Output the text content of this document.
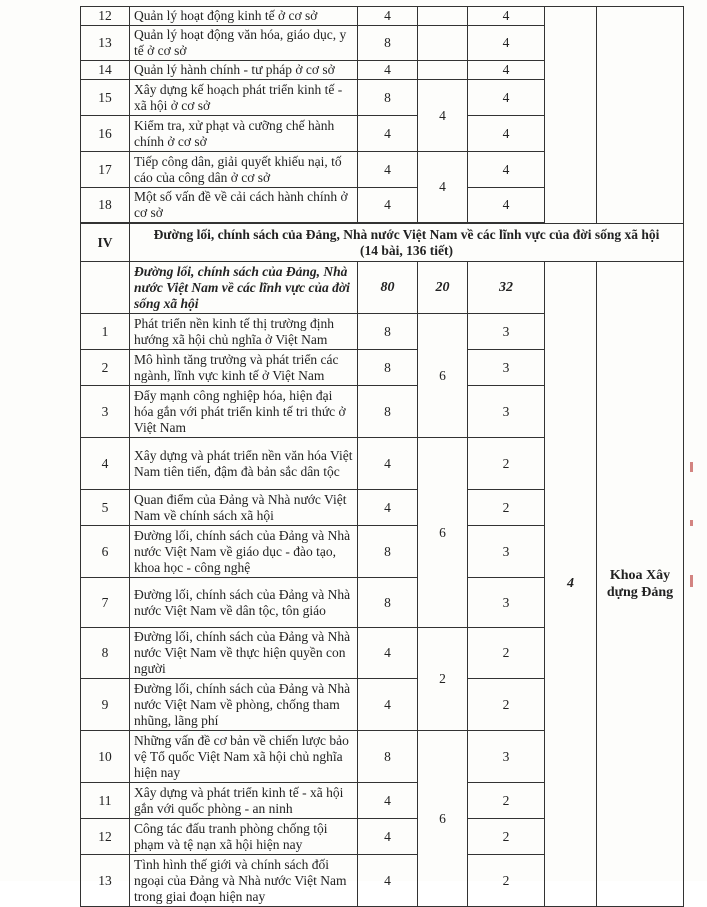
12	Quản lý hoạt động kinh tế ở cơ sở	4		4		
13	Quản lý hoạt động văn hóa, giáo dục, y tế ở cơ sở	8		4		
14	Quản lý hành chính - tư pháp ở cơ sở	4		4		
15	Xây dựng kế hoạch phát triển kinh tế - xã hội ở cơ sở	8	4	4		
16	Kiểm tra, xử phạt và cưỡng chế hành chính ở cơ sở	4		4		
17	Tiếp công dân, giải quyết khiếu nại, tố cáo của công dân ở cơ sở	4	4	4		
18	Một số vấn đề về cải cách hành chính ở cơ sở	4		4		

IV	Đường lối, chính sách của Đảng, Nhà nước Việt Nam về các lĩnh vực của đời sống xã hội
(14 bài, 136 tiết)					
	Đường lối, chính sách của Đảng, Nhà nước Việt Nam về các lĩnh vực của đời sống xã hội	80	20	32	4	Khoa Xây dựng Đảng
1	Phát triển nền kinh tế thị trường định hướng xã hội chủ nghĩa ở Việt Nam	8	6	3		
2	Mô hình tăng trưởng và phát triển các ngành, lĩnh vực kinh tế ở Việt Nam	8		3		
3	Đẩy mạnh công nghiệp hóa, hiện đại hóa gắn với phát triển kinh tế tri thức ở Việt Nam	8		3		
4	Xây dựng và phát triển nền văn hóa Việt Nam tiên tiến, đậm đà bản sắc dân tộc	4	6	2		
5	Quan điểm của Đảng và Nhà nước Việt Nam về chính sách xã hội	4		2		
6	Đường lối, chính sách của Đảng và Nhà nước Việt Nam về giáo dục - đào tạo, khoa học - công nghệ	8		3		
7	Đường lối, chính sách của Đảng và Nhà nước Việt Nam về dân tộc, tôn giáo	8		3		
8	Đường lối, chính sách của Đảng và Nhà nước Việt Nam về thực hiện quyền con người	4	2	2		
9	Đường lối, chính sách của Đảng và Nhà nước Việt Nam về phòng, chống tham nhũng, lãng phí	4		2		
10	Những vấn đề cơ bản về chiến lược bảo vệ Tổ quốc Việt Nam xã hội chủ nghĩa hiện nay	8	6	3		
11	Xây dựng và phát triển kinh tế - xã hội gắn với quốc phòng - an ninh	4		2		
12	Công tác đấu tranh phòng chống tội phạm và tệ nạn xã hội hiện nay	4		2		
13	Tình hình thế giới và chính sách đối ngoại của Đảng và Nhà nước Việt Nam trong giai đoạn hiện nay	4		2		
